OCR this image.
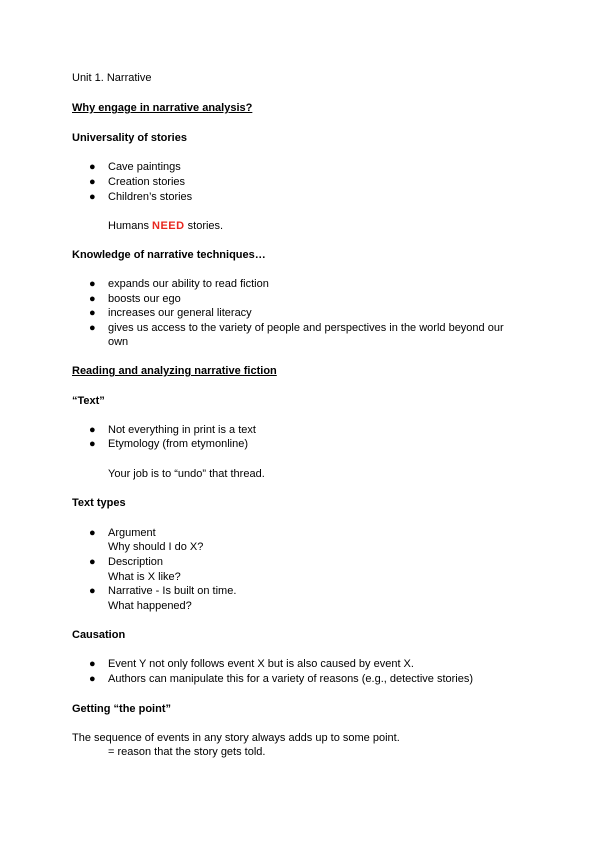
Unit 1. Narrative
Why engage in narrative analysis?
Universality of stories
● Cave paintings
● Creation stories
● Children’s stories
Humans NEED stories.
Knowledge of narrative techniques…
● expands our ability to read fiction
● boosts our ego
● increases our general literacy
● gives us access to the variety of people and perspectives in the world beyond our
own
Reading and analyzing narrative fiction
“Text”
● Not everything in print is a text
● Etymology (from etymonline)
Your job is to “undo” that thread.
Text types
● Argument
Why should I do X?
● Description
What is X like?
● Narrative - Is built on time.
What happened?
Causation
● Event Y not only follows event X but is also caused by event X.
● Authors can manipulate this for a variety of reasons (e.g., detective stories)
Getting “the point”
The sequence of events in any story always adds up to some point.
= reason that the story gets told.
